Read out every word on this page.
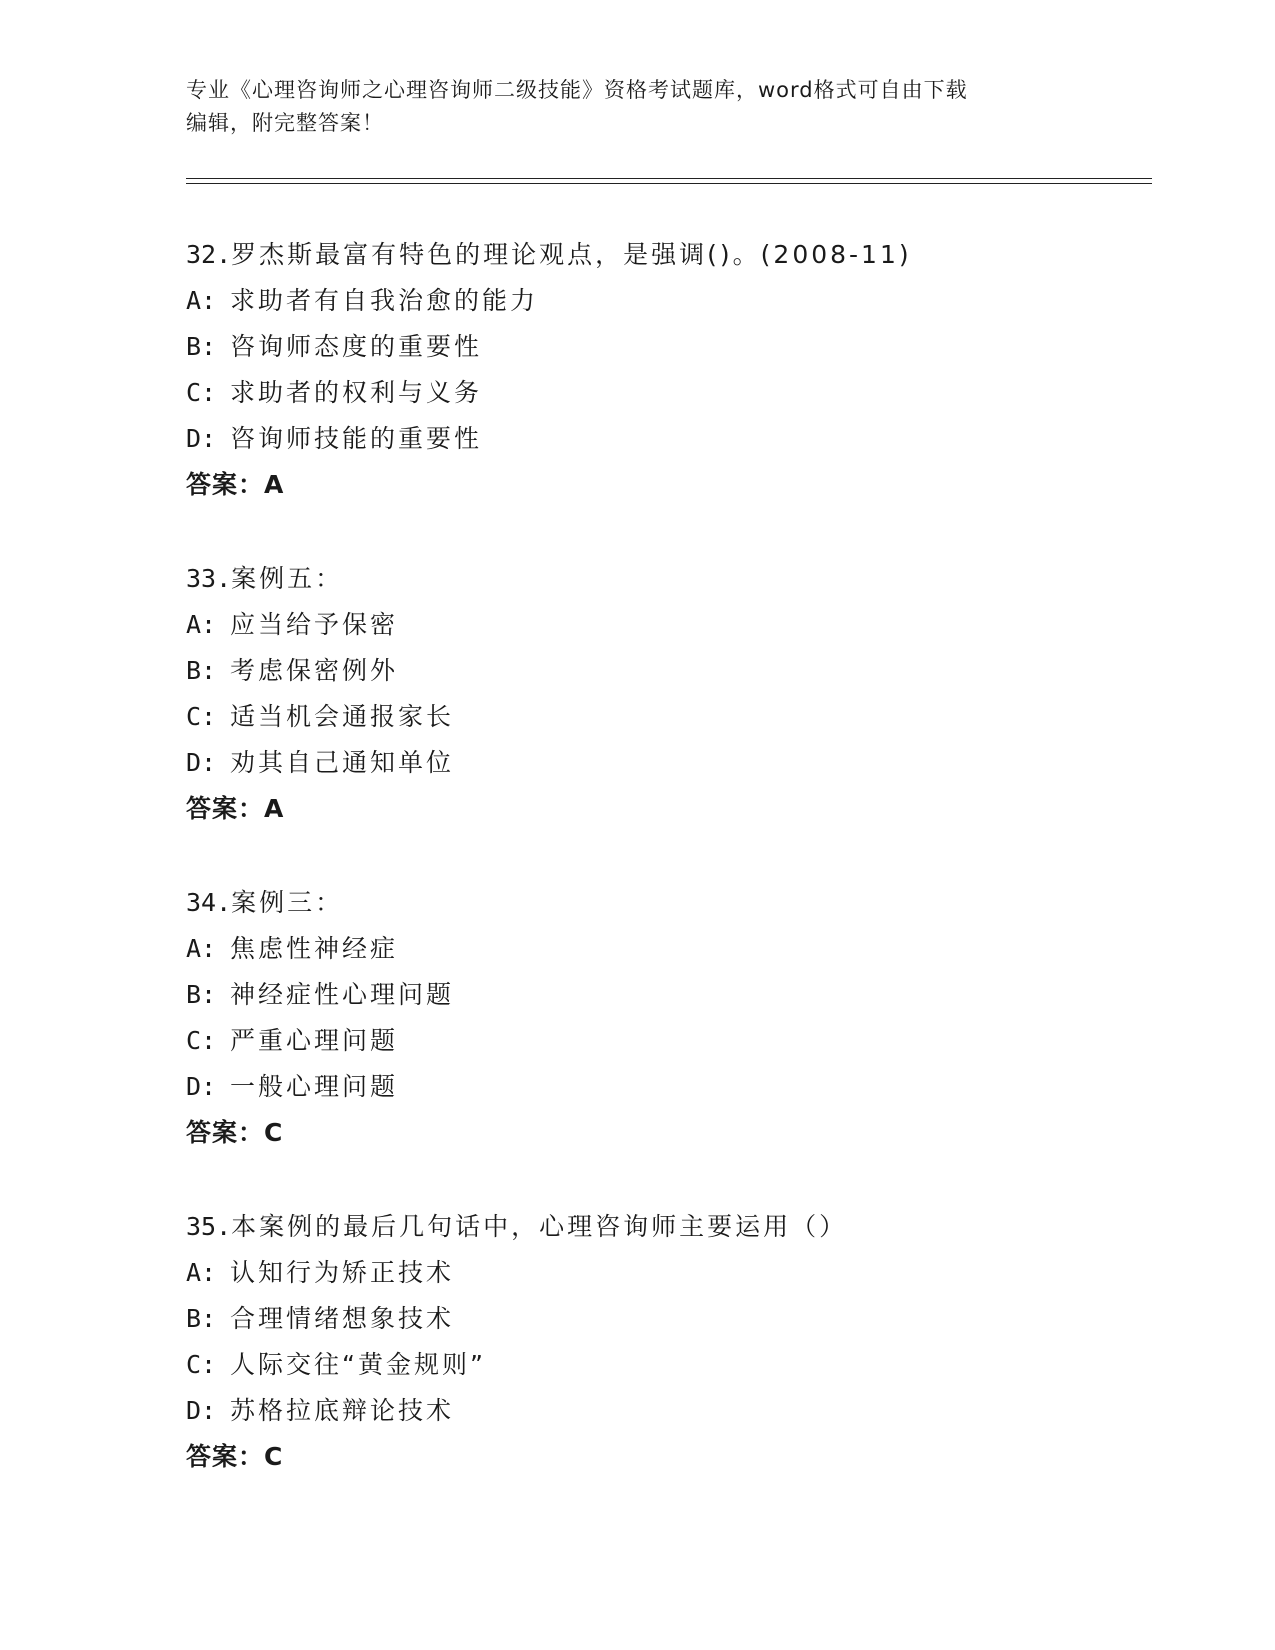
专业《心理咨询师之心理咨询师二级技能》资格考试题库，word格式可自由下载
编辑，附完整答案！
32.罗杰斯最富有特色的理论观点，是强调()。(2008-11)
A: 求助者有自我治愈的能力
B: 咨询师态度的重要性
C: 求助者的权利与义务
D: 咨询师技能的重要性
答案：A
33.案例五：
A: 应当给予保密
B: 考虑保密例外
C: 适当机会通报家长
D: 劝其自己通知单位
答案：A
34.案例三：
A: 焦虑性神经症
B: 神经症性心理问题
C: 严重心理问题
D: 一般心理问题
答案：C
35.本案例的最后几句话中，心理咨询师主要运用（）
A: 认知行为矫正技术
B: 合理情绪想象技术
C: 人际交往“黄金规则”
D: 苏格拉底辩论技术
答案：C
